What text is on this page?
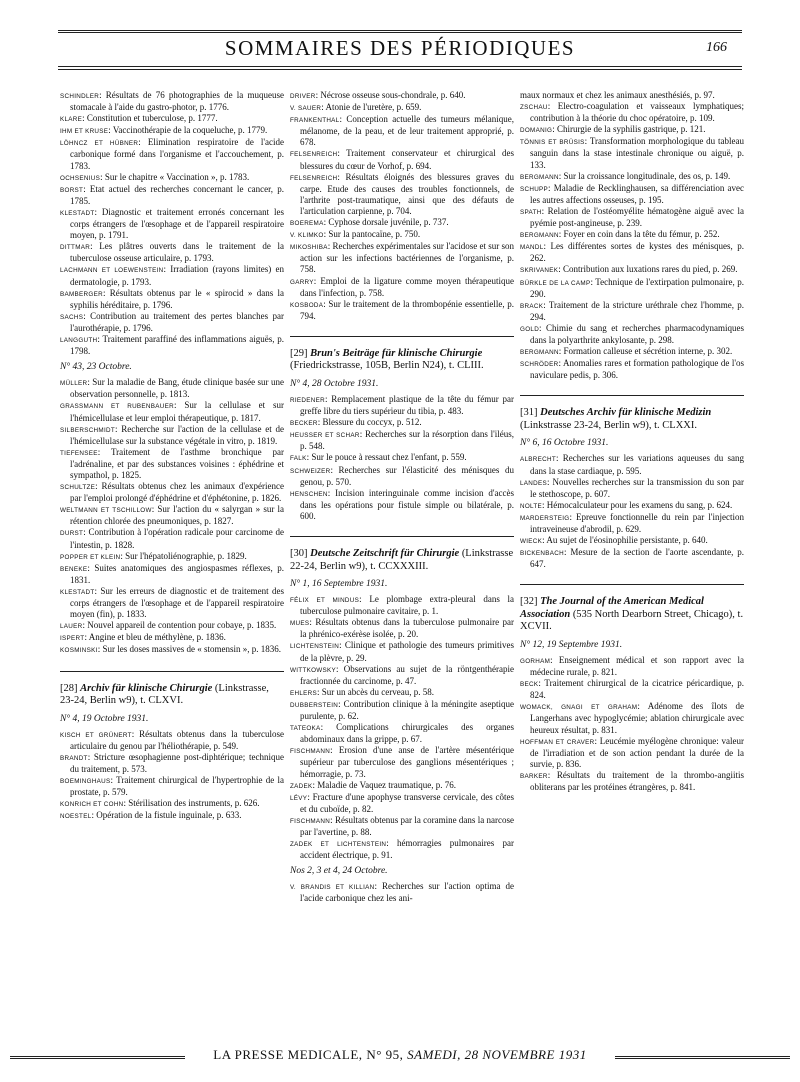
SOMMAIRES DES PÉRIODIQUES	166

SCHINDLER: Résultats de 76 photographies de la muqueuse stomacale à l'aide du gastro-photor, p. 1776.

KLARE: Constitution et tuberculose, p. 1777.

IHM ET KRUSE: Vaccinothérapie de la coqueluche, p. 1779.

LÖHNCZ ET HÜBNER: Elimination respiratoire de l'acide carbonique formé dans l'organisme et l'accouchement, p. 1783.

OCHSENIUS: Sur le chapitre « Vaccination », p. 1783.

BORST: Etat actuel des recherches concernant le cancer, p. 1785.

KLESTADT: Diagnostic et traitement erronés concernant les corps étrangers de l'œsophage et de l'appareil respiratoire moyen, p. 1791.

DITTMAR: Les plâtres ouverts dans le traitement de la tuberculose osseuse articulaire, p. 1793.

LACHMANN ET LOEWENSTEIN: Irradiation (rayons limites) en dermatologie, p. 1793.

BAMBERGER: Résultats obtenus par le « spirocid » dans la syphilis héréditaire, p. 1796.

SACHS: Contribution au traitement des pertes blanches par l'aurothérapie, p. 1796.

LANGGUTH: Traitement paraffiné des inflammations aiguës, p. 1798.

N° 43, 23 Octobre.

MÜLLER: Sur la maladie de Bang, étude clinique basée sur une observation personnelle, p. 1813.

GRASSMANN ET RUBENBAUER: Sur la cellulase et sur l'hémicellulase et leur emploi thérapeutique, p. 1817.

SILBERSCHMIDT: Recherche sur l'action de la cellulase et de l'hémicellulase sur la substance végétale in vitro, p. 1819.

TIEFENSEE: Traitement de l'asthme bronchique par l'adrénaline, et par des substances voisines : éphédrine et sympathol, p. 1825.

SCHULTZE: Résultats obtenus chez les animaux d'expérience par l'emploi prolongé d'éphédrine et d'éphétonine, p. 1826.

WELTMANN ET TSCHILLOW: Sur l'action du « salyrgan » sur la rétention chlorée des pneumoniques, p. 1827.

DURST: Contribution à l'opération radicale pour carcinome de l'intestin, p. 1828.

POPPER ET KLEIN: Sur l'hépatoliénographie, p. 1829.

BENEKE: Suites anatomiques des angiospasmes réflexes, p. 1831.

KLESTADT: Sur les erreurs de diagnostic et de traitement des corps étrangers de l'œsophage et de l'appareil respiratoire moyen (fin), p. 1833.

LAUER: Nouvel appareil de contention pour cobaye, p. 1835.

ISPERT: Angine et bleu de méthylène, p. 1836.

KOSMINSKI: Sur les doses massives de « stomensin », p. 1836.

[28] Archiv für klinische Chirurgie (Linkstrasse, 23-24, Berlin w9), t. CLXVI.

N° 4, 19 Octobre 1931.

KISCH ET GRÜNERT: Résultats obtenus dans la tuberculose articulaire du genou par l'héliothérapie, p. 549.

BRANDT: Stricture œsophagienne post-diphtérique; technique du traitement, p. 573.

BOEMINGHAUS: Traitement chirurgical de l'hypertrophie de la prostate, p. 579.

KONRICH ET COHN: Stérilisation des instruments, p. 626.

NOESTEL: Opération de la fistule inguinale, p. 633.

DRIVER: Nécrose osseuse sous-chondrale, p. 640.

V. SAUER: Atonie de l'uretère, p. 659.

FRANKENTHAL: Conception actuelle des tumeurs mélanique, mélanome, de la peau, et de leur traitement approprié, p. 678.

FELSENREICH: Traitement conservateur et chirurgical des blessures du cœur de Vorhof, p. 694.

FELSENREICH: Résultats éloignés des blessures graves du carpe. Etude des causes des troubles fonctionnels, de l'arthrite post-traumatique, ainsi que des défauts de l'articulation carpienne, p. 704.

BOEREMA: Cyphose dorsale juvénile, p. 737.

V. KLIMKO: Sur la pantocaïne, p. 750.

MIKOSHIBA: Recherches expérimentales sur l'acidose et sur son action sur les infections bactériennes de l'organisme, p. 758.

GARRY: Emploi de la ligature comme moyen thérapeutique dans l'infection, p. 758.

KOSBODA: Sur le traitement de la thrombopénie essentielle, p. 794.

[29] Brun's Beiträge für klinische Chirurgie (Friedrickstrasse, 105B, Berlin N24), t. CLIII.

N° 4, 28 Octobre 1931.

RIEDENER: Remplacement plastique de la tête du fémur par greffe libre du tiers supérieur du tibia, p. 483.

BECKER: Blessure du coccyx, p. 512.

HEUSSER ET SCHAR: Recherches sur la résorption dans l'iléus, p. 548.

FALK: Sur le pouce à ressaut chez l'enfant, p. 559.

SCHWEIZER: Recherches sur l'élasticité des ménisques du genou, p. 570.

HENSCHEN: Incision interinguinale comme incision d'accès dans les opérations pour fistule simple ou bilatérale, p. 600.

[30] Deutsche Zeitschrift für Chirurgie (Linkstrasse 22-24, Berlin w9), t. CCXXXIII.

N° 1, 16 Septembre 1931.

FÉLIX ET MINDUS: Le plombage extra-pleural dans la tuberculose pulmonaire cavitaire, p. 1.

MUES: Résultats obtenus dans la tuberculose pulmonaire par la phrénico-exérèse isolée, p. 20.

LICHTENSTEIN: Clinique et pathologie des tumeurs primitives de la plèvre, p. 29.

WITTKOWSKY: Observations au sujet de la röntgenthérapie fractionnée du carcinome, p. 47.

EHLERS: Sur un abcès du cerveau, p. 58.

DUBBERSTEIN: Contribution clinique à la méningite aseptique purulente, p. 62.

TATEOKA: Complications chirurgicales des organes abdominaux dans la grippe, p. 67.

FISCHMANN: Erosion d'une anse de l'artère mésentérique supérieur par tuberculose des ganglions mésentériques ; hémorragie, p. 73.

ZADEK: Maladie de Vaquez traumatique, p. 76.

LÉVY: Fracture d'une apophyse transverse cervicale, des côtes et du cuboïde, p. 82.

FISCHMANN: Résultats obtenus par la coramine dans la narcose par l'avertine, p. 88.

ZADEK ET LICHTENSTEIN: hémorragies pulmonaires par accident électrique, p. 91.

Nos 2, 3 et 4, 24 Octobre.

V. BRANDIS ET KILLIAN: Recherches sur l'action optima de l'acide carbonique chez les ani-

maux normaux et chez les animaux anesthésiés, p. 97.

ZSCHAU: Electro-coagulation et vaisseaux lymphatiques; contribution à la théorie du choc opératoire, p. 109.

DOMANIG: Chirurgie de la syphilis gastrique, p. 121.

TÖNNIS ET BRÜSIS: Transformation morphologique du tableau sanguin dans la stase intestinale chronique ou aiguë, p. 133.

BERGMANN: Sur la croissance longitudinale, des os, p. 149.

SCHUPP: Maladie de Recklinghausen, sa différenciation avec les autres affections osseuses, p. 195.

SPATH: Relation de l'ostéomyélite hématogène aiguë avec la pyémie post-angineuse, p. 239.

BERGMANN: Foyer en coin dans la tête du fémur, p. 252.

MANDL: Les différentes sortes de kystes des ménisques, p. 262.

SKRIVANEK: Contribution aux luxations rares du pied, p. 269.

BÜRKLE DE LA CAMP: Technique de l'extirpation pulmonaire, p. 290.

BRACK: Traitement de la stricture uréthrale chez l'homme, p. 294.

GOLD: Chimie du sang et recherches pharmacodynamiques dans la polyarthrite ankylosante, p. 298.

BERGMANN: Formation calleuse et sécrétion interne, p. 302.

SCHRÖDER: Anomalies rares et formation pathologique de l'os naviculare pedis, p. 306.

[31] Deutsches Archiv für klinische Medizin (Linkstrasse 23-24, Berlin w9), t. CLXXI.

N° 6, 16 Octobre 1931.

ALBRECHT: Recherches sur les variations aqueuses du sang dans la stase cardiaque, p. 595.

LANDES: Nouvelles recherches sur la transmission du son par le stethoscope, p. 607.

NOLTE: Hémocalculateur pour les examens du sang, p. 624.

MARDERSTEIG: Epreuve fonctionnelle du rein par l'injection intraveineuse d'abrodil, p. 629.

WIECK: Au sujet de l'éosinophilie persistante, p. 640.

BICKENBACH: Mesure de la section de l'aorte ascendante, p. 647.

[32] The Journal of the American Medical Association (535 North Dearborn Street, Chicago), t. XCVII.

N° 12, 19 Septembre 1931.

GORHAM: Enseignement médical et son rapport avec la médecine rurale, p. 821.

BECK: Traitement chirurgical de la cicatrice péricardique, p. 824.

WOMACK, GNAGI ET GRAHAM: Adénome des îlots de Langerhans avec hypoglycémie; ablation chirurgicale avec heureux résultat, p. 831.

HOFFMAN ET CRAVER: Leucémie myélogène chronique: valeur de l'irradiation et de son action pendant la durée de la survie, p. 836.

BARKER: Résultats du traitement de la thrombo-angiitis obliterans par les protéines étrangères, p. 841.

LA PRESSE MEDICALE, N° 95, SAMEDI, 28 NOVEMBRE 1931
